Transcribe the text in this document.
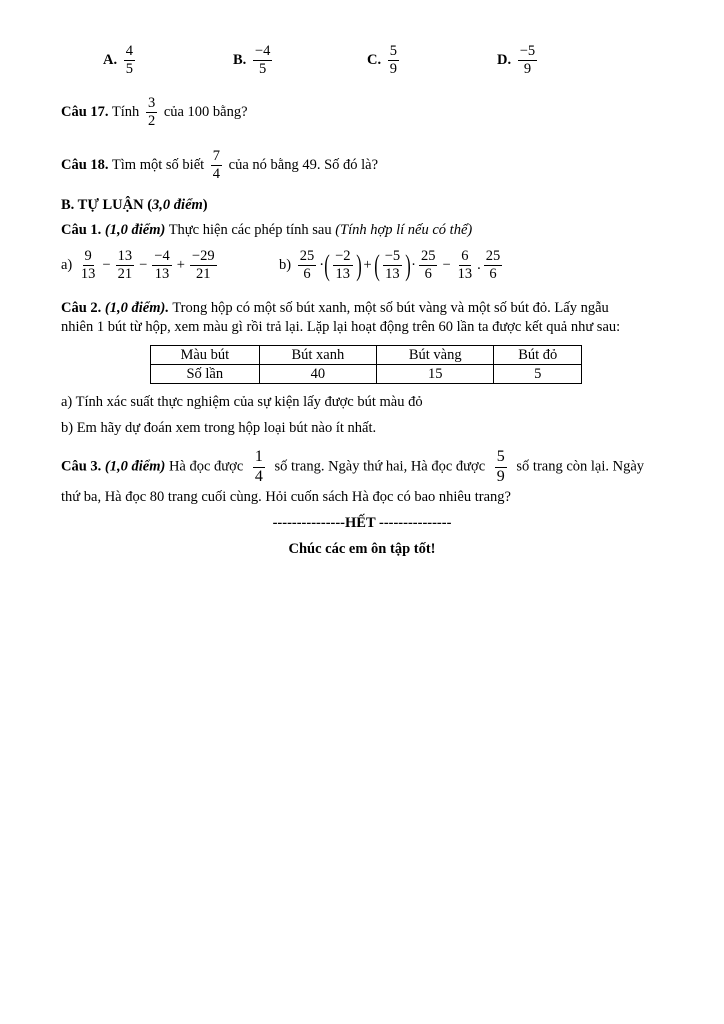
A. $\frac{4}{5}$	B. $\frac{-4}{5}$	C. $\frac{5}{9}$	D. $\frac{-5}{9}$
Câu 17. Tính $\frac{3}{2}$ của 100 bằng?
Câu 18. Tìm một số biết $\frac{7}{4}$ của nó bằng 49. Số đó là?
B. TỰ LUẬN (3,0 điểm)
Câu 1. (1,0 điểm) Thực hiện các phép tính sau (Tính hợp lí nếu có thể)
$a) \frac{9}{13} - \frac{13}{21} - \frac{-4}{13} + \frac{-29}{21}$	$b) \frac{25}{6}$ ·( $\frac{-2}{13}$ ) +( $\frac{-5}{13}$ )· $\frac{25}{6} - \frac{6}{13}$ . $\frac{25}{6}$
Câu 2. (1,0 điểm). Trong hộp có một số bút xanh, một số bút vàng và một số bút đỏ. Lấy ngẫu
nhiên 1 bút từ hộp, xem màu gì rồi trả lại. Lặp lại hoạt động trên 60 lần ta được kết quả như sau:
Màu bút	Bút xanh	Bút vàng	Bút đỏ
Số lần	40	15	5
a) Tính xác suất thực nghiệm của sự kiện lấy được bút màu đỏ
b) Em hãy dự đoán xem trong hộp loại bút nào ít nhất.
Câu 3. (1,0 điểm) Hà đọc được $\frac{1}{4}$ số trang. Ngày thứ hai, Hà đọc được $\frac{5}{9}$ số trang còn lại. Ngày
thứ ba, Hà đọc 80 trang cuối cùng. Hỏi cuốn sách Hà đọc có bao nhiêu trang?
---------------HẾT ---------------
Chúc các em ôn tập tốt!
